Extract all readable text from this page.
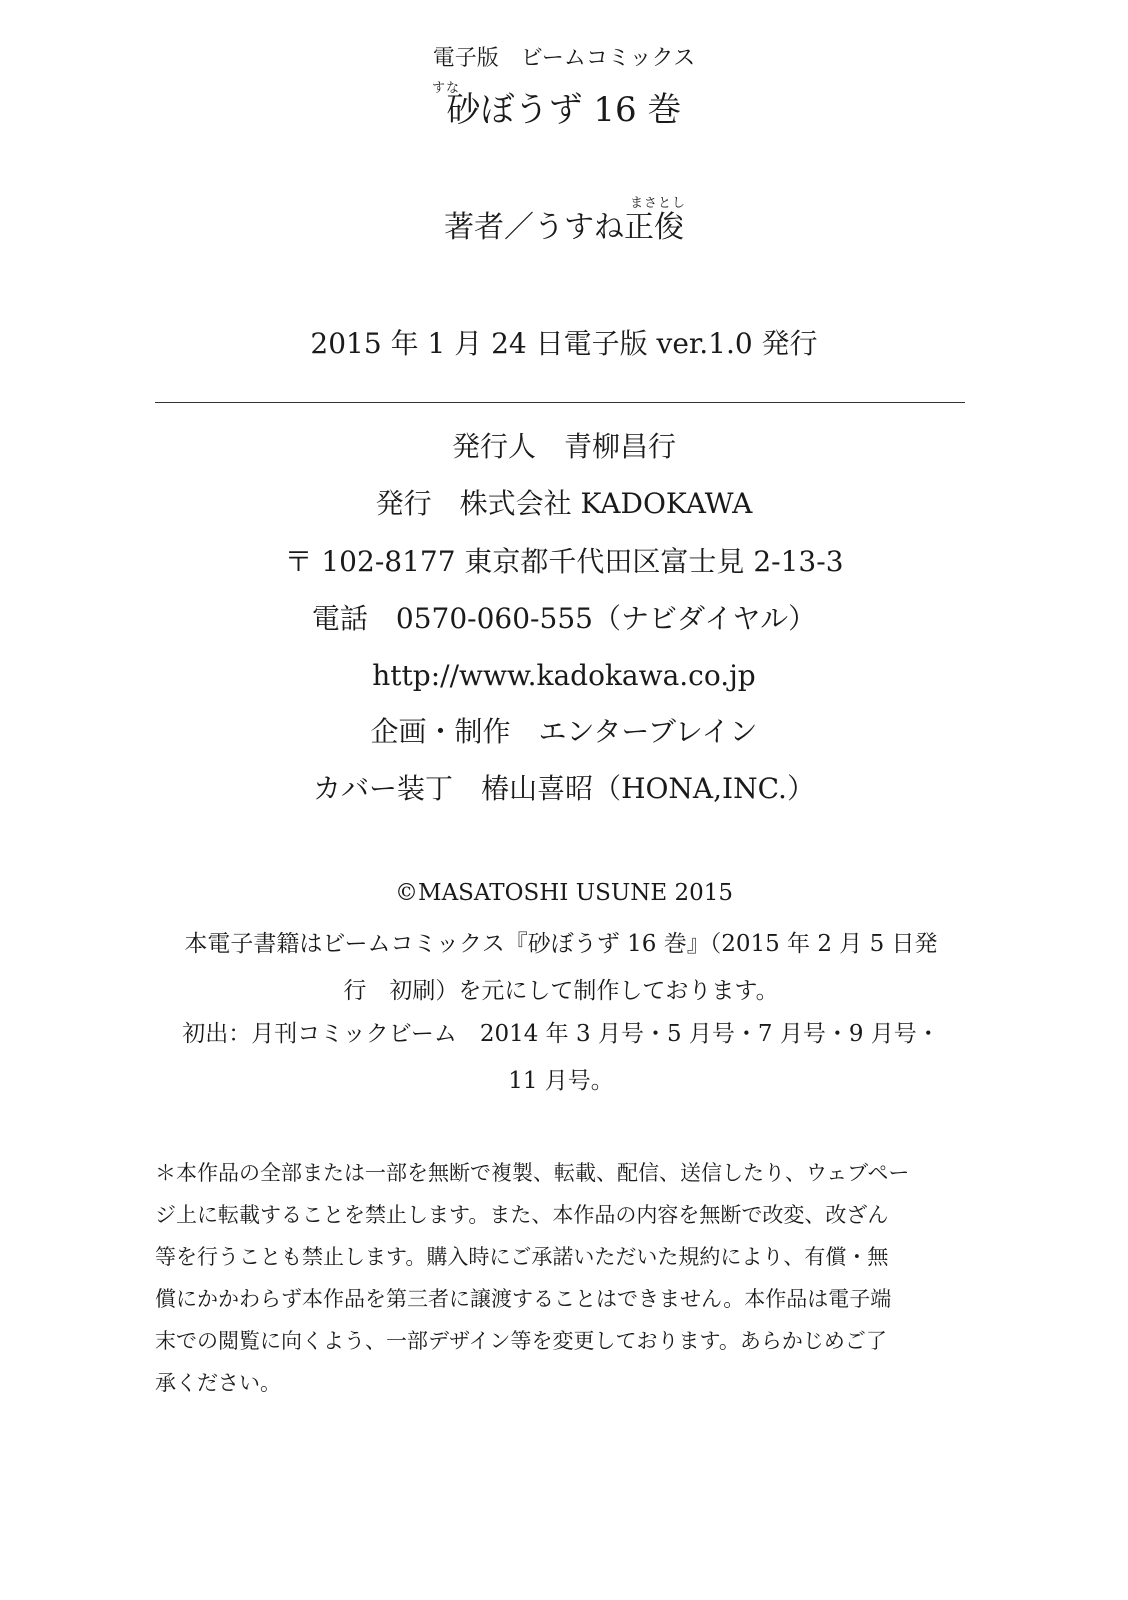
電子版　ビームコミックス
すな
砂ぼうず 16 巻
まさとし
著者／うすね正俊
2015 年 1 月 24 日電子版 ver.1.0 発行
発行人 青柳昌行
発行 株式会社 KADOKAWA
〒 102-8177 東京都千代田区富士見 2-13-3
電話 0570-060-555（ナビダイヤル）
http://www.kadokawa.co.jp
企画・制作 エンターブレイン
カバー装丁 椿山喜昭（HONA,INC.）
©MASATOSHI USUNE 2015
本電子書籍はビームコミックス『砂ぼうず 16 巻』（2015 年 2 月 5 日発
行　初刷）を元にして制作しております。
初出：月刊コミックビーム　2014 年 3 月号・5 月号・7 月号・9 月号・
11 月号。
＊本作品の全部または一部を無断で複製、転載、配信、送信したり、ウェブペー
ジ上に転載することを禁止します。また、本作品の内容を無断で改変、改ざん
等を行うことも禁止します。購入時にご承諾いただいた規約により、有償・無
償にかかわらず本作品を第三者に譲渡することはできません。本作品は電子端
末での閲覧に向くよう、一部デザイン等を変更しております。あらかじめご了
承ください。
